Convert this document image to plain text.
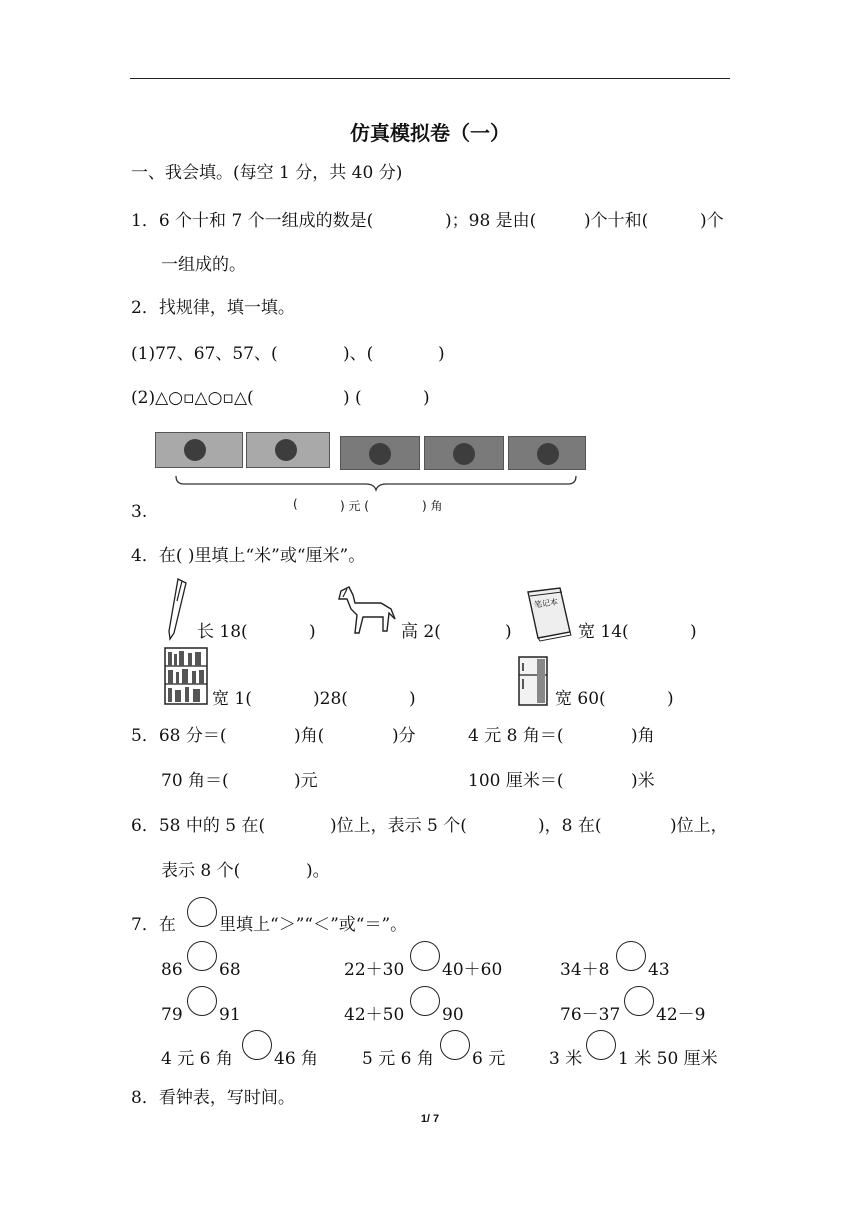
仿真模拟卷（一）
一、我会填。(每空 1 分，共 40 分)
1．6 个十和 7 个一组成的数是(	)；98 是由(	)个十和(	)个
一组成的。
2．找规律，填一填。
(1)77、67、57、(	)、(	)
(2)△○▫△○▫△(	) (	)
3.	(	) 元 (	) 角
4．在( )里填上“米”或“厘米”。
长 18(	)	高 2(	)
笔记本
宽 14(	)
宽 1(	)28(	)	宽 60(	)
5．68 分＝(	)角(	)分	4 元 8 角＝(	)角
70 角＝(	)元	100 厘米＝(	)米
6．58 中的 5 在(	)位上，表示 5 个(	)，8 在(	)位上，
表示 8 个(	)。
7．在	里填上“＞”“＜”或“＝”。
86 68	22＋30 40＋60	34＋8 43
79 91	42＋50 90	76－37 42－9
4 元 6 角 46 角	5 元 6 角 6 元	3 米 1 米 50 厘米
8．看钟表，写时间。
1/ 7
